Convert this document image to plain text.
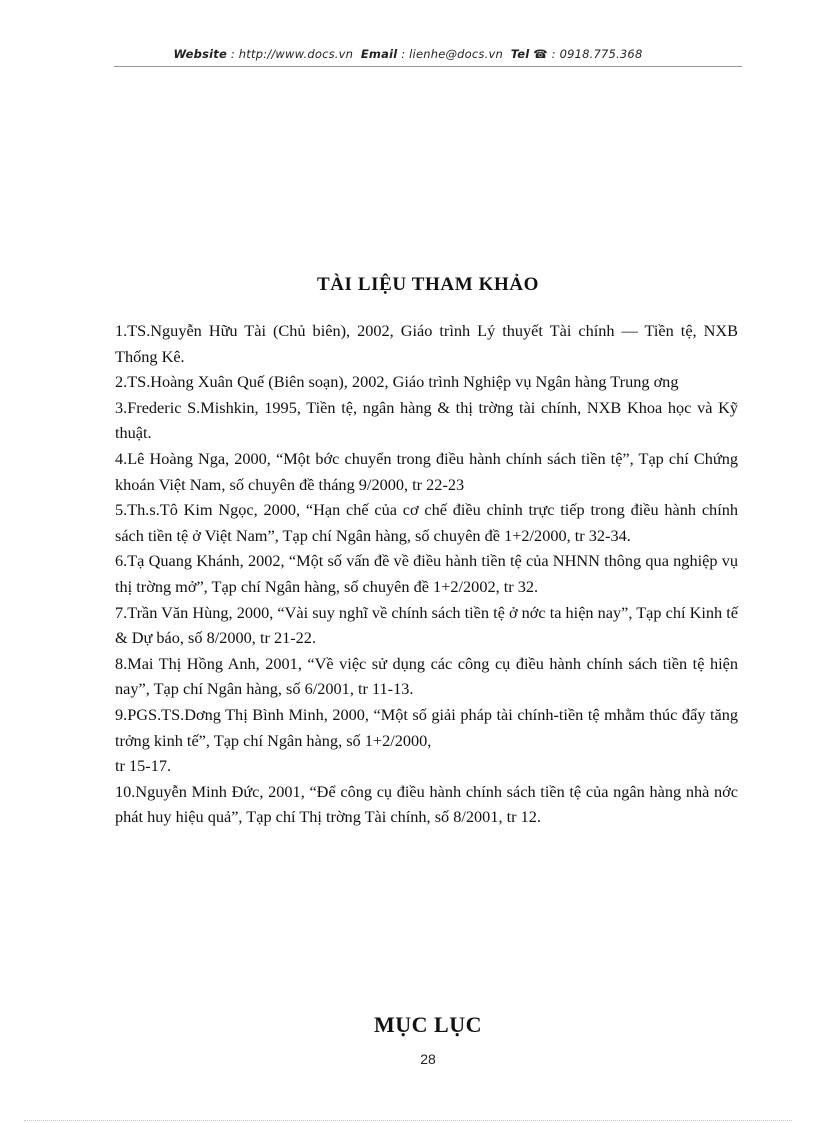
Website : http://www.docs.vn Email : lienhe@docs.vn Tel ☎ : 0918.775.368
TÀI LIỆU THAM KHẢO

1.TS.Nguyễn Hữu Tài (Chủ biên), 2002, Giáo trình Lý thuyết Tài chính — Tiền tệ, NXB Thống Kê.

2.TS.Hoàng Xuân Quế (Biên soạn), 2002, Giáo trình Nghiệp vụ Ngân hàng Trung ơng

3.Frederic S.Mishkin, 1995, Tiền tệ, ngân hàng & thị trờng tài chính, NXB Khoa học và Kỹ thuật.

4.Lê Hoàng Nga, 2000, “Một bớc chuyển trong điều hành chính sách tiền tệ”, Tạp chí Chứng khoán Việt Nam, số chuyên đề tháng 9/2000, tr 22-23

5.Th.s.Tô Kim Ngọc, 2000, “Hạn chế của cơ chế điều chỉnh trực tiếp trong điều hành chính sách tiền tệ ở Việt Nam”, Tạp chí Ngân hàng, số chuyên đề 1+2/2000, tr 32-34.

6.Tạ Quang Khánh, 2002, “Một số vấn đề về điều hành tiền tệ của NHNN thông qua nghiệp vụ thị trờng mở”, Tạp chí Ngân hàng, số chuyên đề 1+2/2002, tr 32.

7.Trần Văn Hùng, 2000, “Vài suy nghĩ về chính sách tiền tệ ở nớc ta hiện nay”, Tạp chí Kinh tế & Dự báo, số 8/2000, tr 21-22.

8.Mai Thị Hồng Anh, 2001, “Về việc sử dụng các công cụ điều hành chính sách tiền tệ hiện nay”, Tạp chí Ngân hàng, số 6/2001, tr 11-13.

9.PGS.TS.Dơng Thị Bình Minh, 2000, “Một số giải pháp tài chính-tiền tệ mhằm thúc đẩy tăng trởng kinh tế”, Tạp chí Ngân hàng, số 1+2/2000,

tr 15-17.

10.Nguyễn Minh Đức, 2001, “Để công cụ điều hành chính sách tiền tệ của ngân hàng nhà nớc phát huy hiệu quả”, Tạp chí Thị trờng Tài chính, số 8/2001, tr 12.

MỤC LỤC
28
